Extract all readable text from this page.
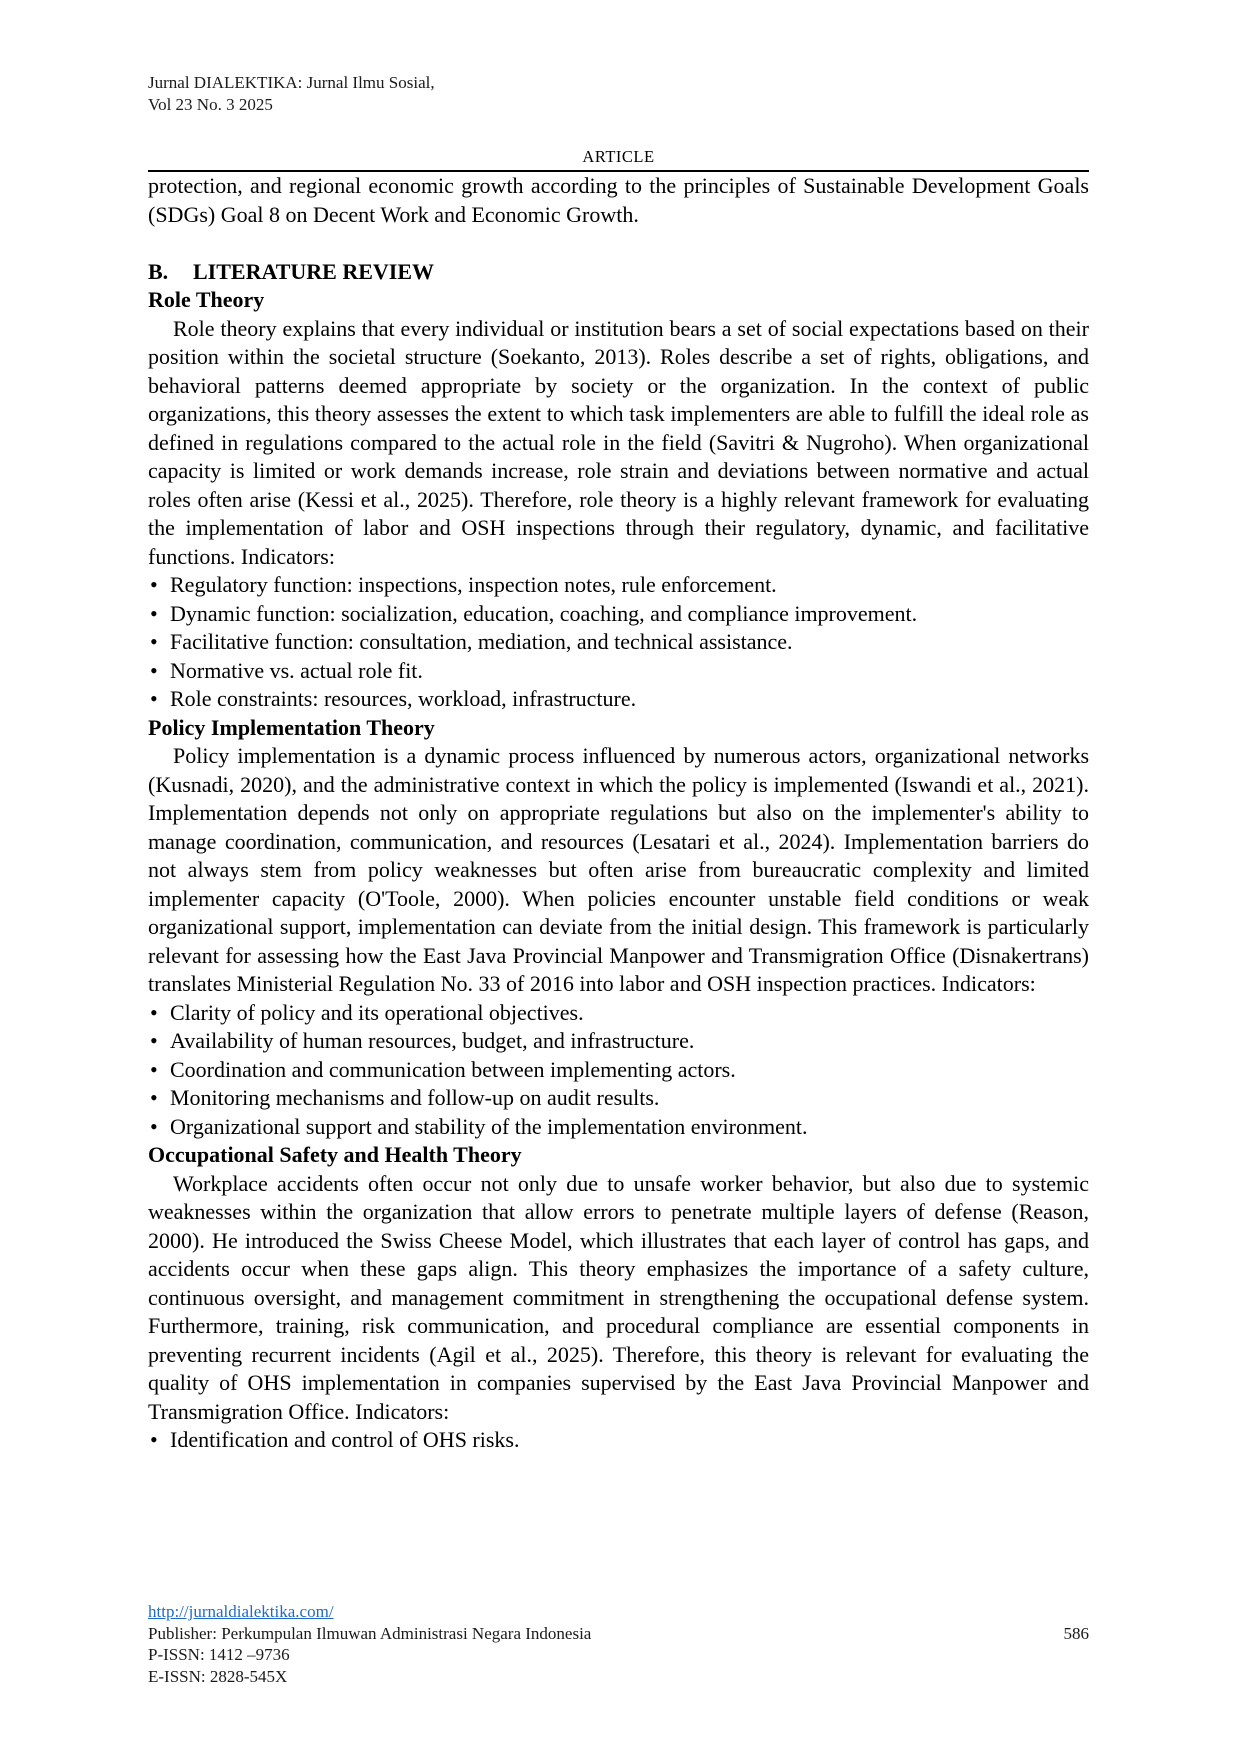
Jurnal DIALEKTIKA: Jurnal Ilmu Sosial,
Vol 23 No. 3 2025
ARTICLE

protection, and regional economic growth according to the principles of Sustainable Development Goals (SDGs) Goal 8 on Decent Work and Economic Growth.

B. LITERATURE REVIEW
Role Theory

Role theory explains that every individual or institution bears a set of social expectations based on their position within the societal structure (Soekanto, 2013). Roles describe a set of rights, obligations, and behavioral patterns deemed appropriate by society or the organization. In the context of public organizations, this theory assesses the extent to which task implementers are able to fulfill the ideal role as defined in regulations compared to the actual role in the field (Savitri & Nugroho). When organizational capacity is limited or work demands increase, role strain and deviations between normative and actual roles often arise (Kessi et al., 2025). Therefore, role theory is a highly relevant framework for evaluating the implementation of labor and OSH inspections through their regulatory, dynamic, and facilitative functions. Indicators:

• Regulatory function: inspections, inspection notes, rule enforcement.
• Dynamic function: socialization, education, coaching, and compliance improvement.
• Facilitative function: consultation, mediation, and technical assistance.
• Normative vs. actual role fit.
• Role constraints: resources, workload, infrastructure.
Policy Implementation Theory

Policy implementation is a dynamic process influenced by numerous actors, organizational networks (Kusnadi, 2020), and the administrative context in which the policy is implemented (Iswandi et al., 2021). Implementation depends not only on appropriate regulations but also on the implementer's ability to manage coordination, communication, and resources (Lesatari et al., 2024). Implementation barriers do not always stem from policy weaknesses but often arise from bureaucratic complexity and limited implementer capacity (O'Toole, 2000). When policies encounter unstable field conditions or weak organizational support, implementation can deviate from the initial design. This framework is particularly relevant for assessing how the East Java Provincial Manpower and Transmigration Office (Disnakertrans) translates Ministerial Regulation No. 33 of 2016 into labor and OSH inspection practices. Indicators:

• Clarity of policy and its operational objectives.
• Availability of human resources, budget, and infrastructure.
• Coordination and communication between implementing actors.
• Monitoring mechanisms and follow-up on audit results.
• Organizational support and stability of the implementation environment.
Occupational Safety and Health Theory

Workplace accidents often occur not only due to unsafe worker behavior, but also due to systemic weaknesses within the organization that allow errors to penetrate multiple layers of defense (Reason, 2000). He introduced the Swiss Cheese Model, which illustrates that each layer of control has gaps, and accidents occur when these gaps align. This theory emphasizes the importance of a safety culture, continuous oversight, and management commitment in strengthening the occupational defense system. Furthermore, training, risk communication, and procedural compliance are essential components in preventing recurrent incidents (Agil et al., 2025). Therefore, this theory is relevant for evaluating the quality of OHS implementation in companies supervised by the East Java Provincial Manpower and Transmigration Office. Indicators:

• Identification and control of OHS risks.
http://jurnaldialektika.com/
Publisher: Perkumpulan Ilmuwan Administrasi Negara Indonesia
P-ISSN: 1412 –9736
E-ISSN: 2828-545X
586
